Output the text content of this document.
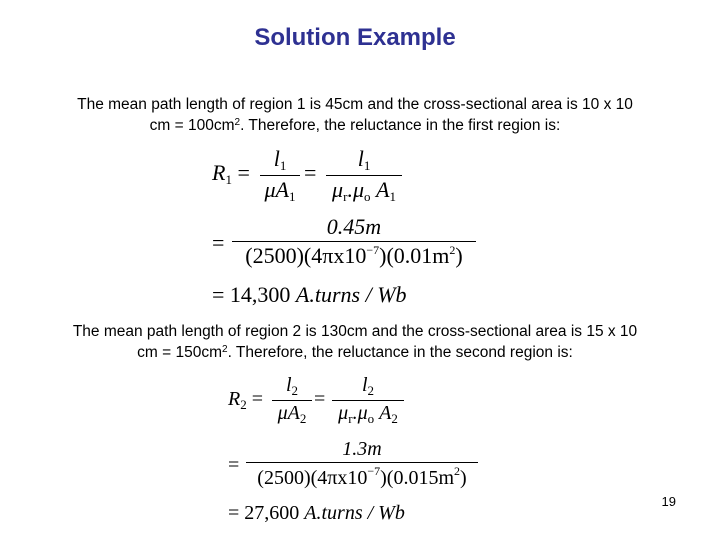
Solution Example
The mean path length of region 1 is 45cm and the cross-sectional area is 10 x 10
cm = $100cm^2$. Therefore, the reluctance in the first region is:
$R_1$ =
$l_1$
$\mu A_1$
=
$l_1$
$\mu_r.\mu_o$ $A_1$
=
0.45m
$(2500)(4\pi x10^{-7})(0.01m^2)$
= 14,300 A.turns / Wb
The mean path length of region 2 is 130cm and the cross-sectional area is 15 x 10
cm = $150cm^2$. Therefore, the reluctance in the second region is:
$R_2$ =
$l_2$
$\mu A_2$
=
$l_2$
$\mu_r.\mu_o$ $A_2$
=
1.3m
$(2500)(4\pi x10^{-7})(0.015m^2)$
= 27,600 A.turns / Wb
19
